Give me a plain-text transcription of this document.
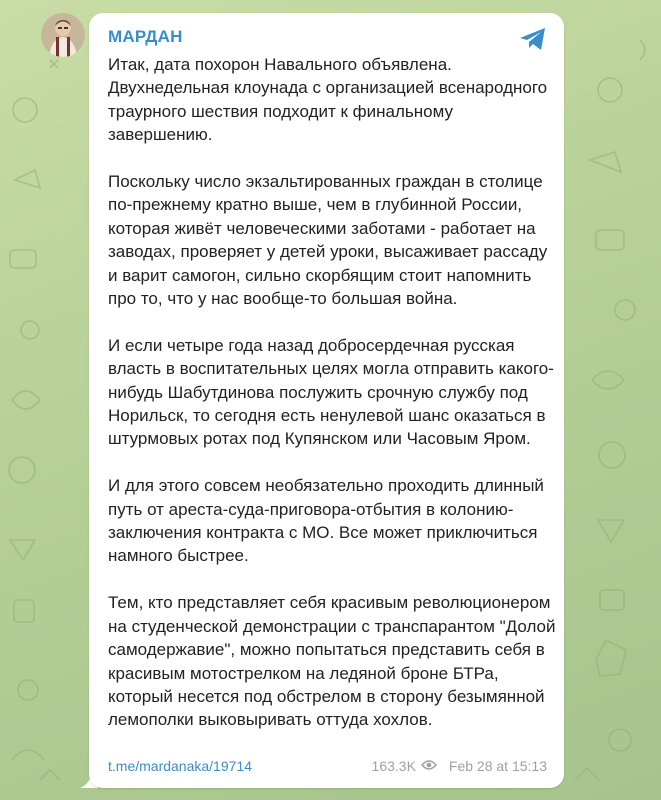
МАРДАН

Итак, дата похорон Навального объявлена. Двухнедельная клоунада с организацией всенародного траурного шествия подходит к финальному завершению.

Поскольку число экзальтированных граждан в столице по-прежнему кратно выше, чем в глубинной России, которая живёт человеческими заботами - работает на заводах, проверяет у детей уроки, высаживает рассаду и варит самогон, сильно скорбящим стоит напомнить про то, что у нас вообще-то большая война.

И если четыре года назад добросердечная русская власть в воспитательных целях могла отправить какого-нибудь Шабутдинова послужить срочную службу под Норильск, то сегодня есть ненулевой шанс оказаться в штурмовых ротах под Купянском или Часовым Яром.

И для этого совсем необязательно проходить длинный путь от ареста-суда-приговора-отбытия в колонию-заключения контракта с МО. Все может приключиться намного быстрее.

Тем, кто представляет себя красивым революционером на студенческой демонстрации с транспарантом "Долой самодержавие", можно попытаться представить себя в красивым мотострелком на ледяной броне БТРа, который несется под обстрелом в сторону безымянной лемополки выковыривать оттуда хохлов.

t.me/mardanaka/19714	163.3K Feb 28 at 15:13
